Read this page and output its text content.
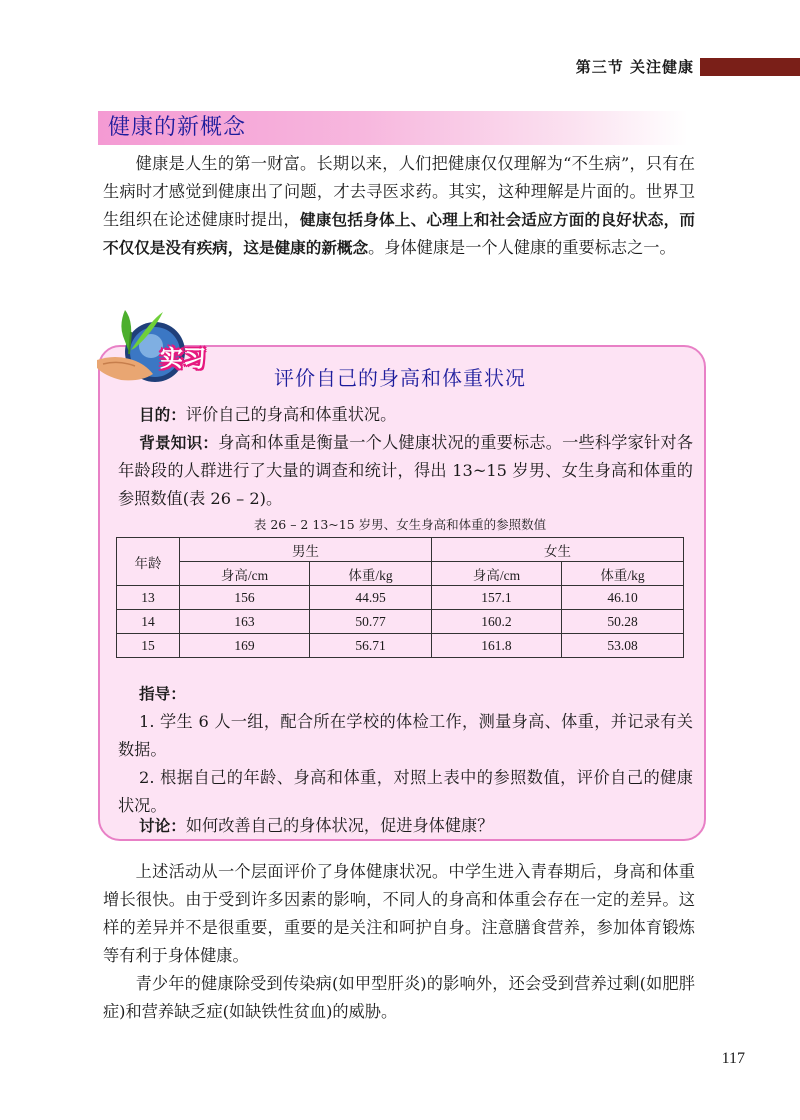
第三节 关注健康
健康的新概念

健康是人生的第一财富。长期以来，人们把健康仅仅理解为“不生病”，只有在生病时才感觉到健康出了问题，才去寻医求药。其实，这种理解是片面的。世界卫生组织在论述健康时提出，健康包括身体上、心理上和社会适应方面的良好状态，而不仅仅是没有疾病，这是健康的新概念。身体健康是一个人健康的重要标志之一。

实习
评价自己的身高和体重状况

目的：评价自己的身高和体重状况。

背景知识：身高和体重是衡量一个人健康状况的重要标志。一些科学家针对各年龄段的人群进行了大量的调查和统计，得出 13~15 岁男、女生身高和体重的参照数值(表 26 – 2)。

表 26 – 2 13~15 岁男、女生身高和体重的参照数值
年龄	男生		女生	
	身高/cm	体重/kg	身高/cm	体重/kg
13	156	44.95	157.1	46.10
14	163	50.77	160.2	50.28
15	169	56.71	161.8	53.08

指导：

1. 学生 6 人一组，配合所在学校的体检工作，测量身高、体重，并记录有关数据。

2. 根据自己的年龄、身高和体重，对照上表中的参照数值，评价自己的健康状况。

讨论：如何改善自己的身体状况，促进身体健康？

上述活动从一个层面评价了身体健康状况。中学生进入青春期后，身高和体重增长很快。由于受到许多因素的影响，不同人的身高和体重会存在一定的差异。这样的差异并不是很重要，重要的是关注和呵护自身。注意膳食营养，参加体育锻炼等有利于身体健康。

青少年的健康除受到传染病(如甲型肝炎)的影响外，还会受到营养过剩(如肥胖症)和营养缺乏症(如缺铁性贫血)的威胁。

117
